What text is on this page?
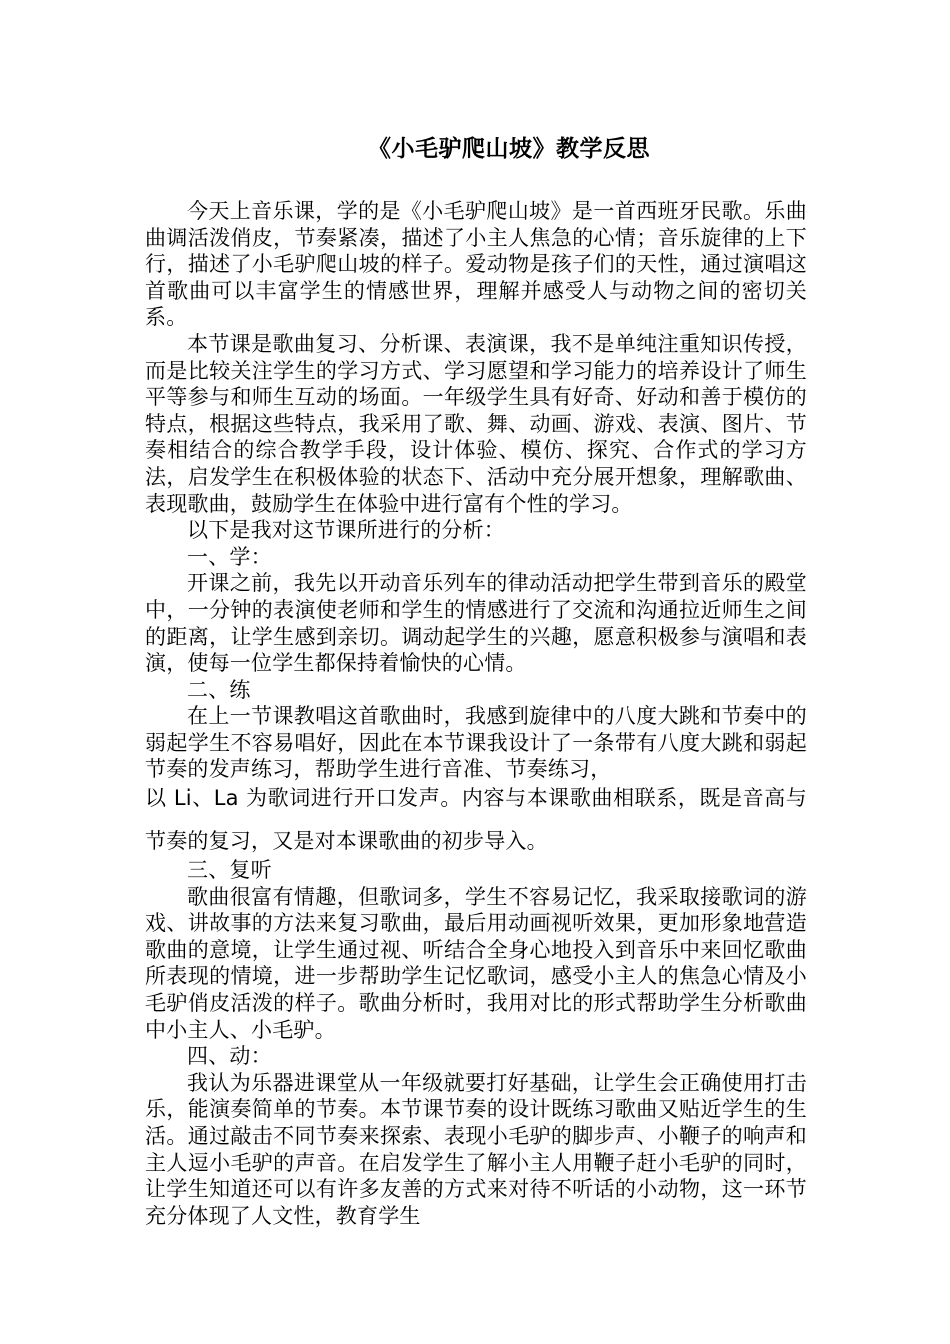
《小毛驴爬山坡》教学反思

今天上音乐课，学的是《小毛驴爬山坡》是一首西班牙民歌。乐曲曲调活泼俏皮，节奏紧凑，描述了小主人焦急的心情；音乐旋律的上下行，描述了小毛驴爬山坡的样子。爱动物是孩子们的天性，通过演唱这首歌曲可以丰富学生的情感世界，理解并感受人与动物之间的密切关系。

本节课是歌曲复习、分析课、表演课，我不是单纯注重知识传授，而是比较关注学生的学习方式、学习愿望和学习能力的培养设计了师生平等参与和师生互动的场面。一年级学生具有好奇、好动和善于模仿的特点，根据这些特点，我采用了歌、舞、动画、游戏、表演、图片、节奏相结合的综合教学手段，设计体验、模仿、探究、合作式的学习方法，启发学生在积极体验的状态下、活动中充分展开想象，理解歌曲、表现歌曲，鼓励学生在体验中进行富有个性的学习。

以下是我对这节课所进行的分析：

一、学：

开课之前，我先以开动音乐列车的律动活动把学生带到音乐的殿堂中，一分钟的表演使老师和学生的情感进行了交流和沟通拉近师生之间的距离，让学生感到亲切。调动起学生的兴趣，愿意积极参与演唱和表演，使每一位学生都保持着愉快的心情。

二、练

在上一节课教唱这首歌曲时，我感到旋律中的八度大跳和节奏中的弱起学生不容易唱好，因此在本节课我设计了一条带有八度大跳和弱起节奏的发声练习，帮助学生进行音准、节奏练习，

以 Li、La 为歌词进行开口发声。内容与本课歌曲相联系，既是音高与节奏的复习，又是对本课歌曲的初步导入。

三、复听

歌曲很富有情趣，但歌词多，学生不容易记忆，我采取接歌词的游戏、讲故事的方法来复习歌曲，最后用动画视听效果，更加形象地营造歌曲的意境，让学生通过视、听结合全身心地投入到音乐中来回忆歌曲所表现的情境，进一步帮助学生记忆歌词，感受小主人的焦急心情及小毛驴俏皮活泼的样子。歌曲分析时，我用对比的形式帮助学生分析歌曲中小主人、小毛驴。

四、动：

我认为乐器进课堂从一年级就要打好基础，让学生会正确使用打击乐，能演奏简单的节奏。本节课节奏的设计既练习歌曲又贴近学生的生活。通过敲击不同节奏来探索、表现小毛驴的脚步声、小鞭子的响声和主人逗小毛驴的声音。在启发学生了解小主人用鞭子赶小毛驴的同时，让学生知道还可以有许多友善的方式来对待不听话的小动物，这一环节充分体现了人文性，教育学生
